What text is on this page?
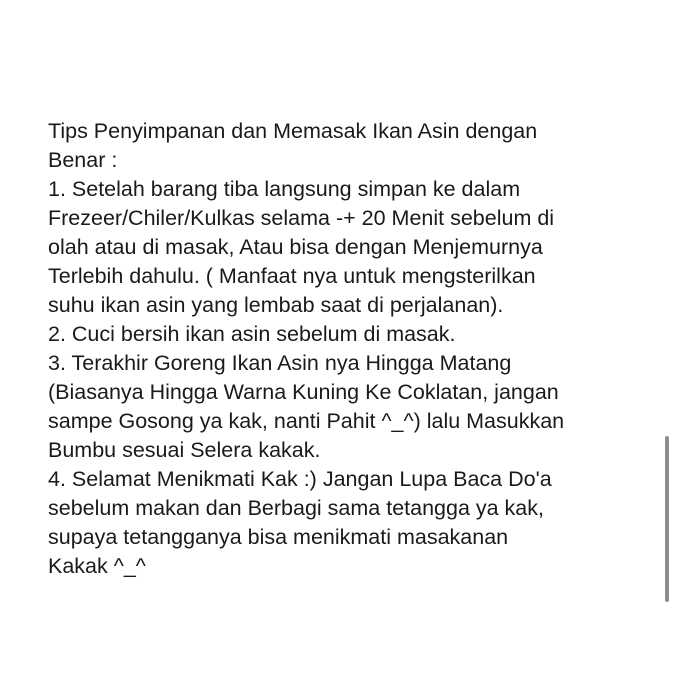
Tips Penyimpanan dan Memasak Ikan Asin dengan
Benar :
1. Setelah barang tiba langsung simpan ke dalam
Frezeer/Chiler/Kulkas selama -+ 20 Menit sebelum di
olah atau di masak, Atau bisa dengan Menjemurnya
Terlebih dahulu. ( Manfaat nya untuk mengsterilkan
suhu ikan asin yang lembab saat di perjalanan).
2. Cuci bersih ikan asin sebelum di masak.
3. Terakhir Goreng Ikan Asin nya Hingga Matang
(Biasanya Hingga Warna Kuning Ke Coklatan, jangan
sampe Gosong ya kak, nanti Pahit ^_^) lalu Masukkan
Bumbu sesuai Selera kakak.
4. Selamat Menikmati Kak :) Jangan Lupa Baca Do'a
sebelum makan dan Berbagi sama tetangga ya kak,
supaya tetangganya bisa menikmati masakanan
Kakak ^_^
